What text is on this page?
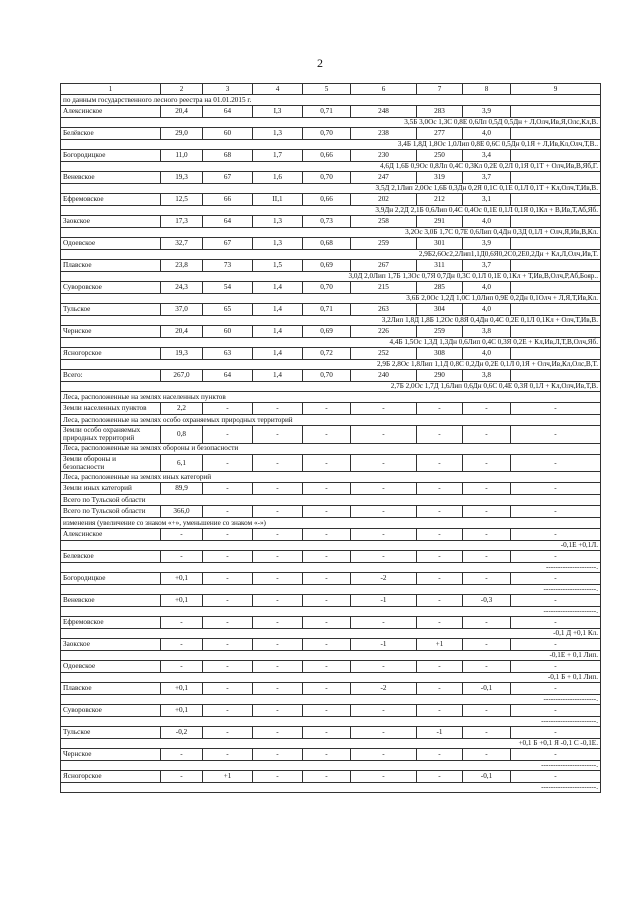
2
1	2	3	4	5	6	7	8	9
по данным государственного лесного реестра на 01.01.2015 г.								
Алексинское	20,4	64	I,3	0,71	248	283	3,9	
3,5Б 3,0Ос 1,3С 0,8Е 0,6Лп 0,5Д 0,5Дн + Л,Олч,Ив,Я,Олс,Кл,В.								
Белёвское	29,0	60	1,3	0,70	238	277	4,0	
3,4Б 1,8Д 1,8Ос 1,0Лип 0,8Е 0,6С 0,5Дн 0,1Я + Л,Ив,Кл,Олч,Т,В..								
Богородицкое	11,0	68	1,7	0,66	230	250	3,4	
4,6Д 1,6Б 0,9Ос 0,8Лп 0,4С 0,3Кл 0,2Е 0,2Л 0,1Я 0,1Т + Олч,Ив,В,Яб,Г.								
Веневское	19,3	67	1,6	0,70	247	319	3,7	
3,5Д 2,1Лип 2,0Ос 1,6Б 0,3Дн 0,2Я 0,1С 0,1Е 0,1Л 0,1Т + Кл,Олч,Т,Ив,В.								
Ефремовское	12,5	66	II,1	0,66	202	212	3,1	
3,9Дн 2,2Д 2,1Б 0,6Лип 0,4С 0,4Ос 0,1Е 0,1Л 0,1Я 0,1Кл + В,Ив,Т,Аб,Яб.								
Заокское	17,3	64	1,3	0,73	258	291	4,0	
3,2Ос 3,0Б 1,7С 0,7Е 0,6Лип 0,4Дн 0,3Д 0,1Л + Олч,Я,Ив,В,Кл.								
Одоевское	32,7	67	1,3	0,68	259	301	3,9	
2,9Б2,6Ос2,2Лип1,1Д0,6Я0,2С0,2Е0,2Дн + Кл,Л,Олч,Ив,Т.								
Плавское	23,8	73	1,5	0,69	267	311	3,7	
3,0Д 2,0Лип 1,7Б 1,3Ос 0,7Я 0,7Дн 0,3С 0,1Л 0,1Е 0,1Кл + Т,Ив,В,Олч,Р,Аб,Бояр..								
Суворовское	24,3	54	1,4	0,70	215	285	4,0	
3,6Б 2,0Ос 1,2Д 1,0С 1,0Лип 0,9Е 0,2Дн 0,1Олч + Л,Я,Т,Ив,Кл.								
Тульское	37,0	65	1,4	0,71	263	304	4,0	
3,2Лип 1,8Д 1,8Б 1,2Ос 0,8Я 0,4Дн 0,4С 0,2Е 0,1Л 0,1Кл + Олч,Т,Ив,В.								
Чернское	20,4	60	1,4	0,69	226	259	3,8	
4,4Б 1,5Ос 1,3Д 1,3Дн 0,6Лип 0,4С 0,3Я 0,2Е + Кл,Ив,Л,Т,В,Олч,Яб.								
Ясногорское	19,3	63	1,4	0,72	252	308	4,0	
2,9Б 2,8Ос 1,8Лип 1,1Д 0,8С 0,2Дн 0,2Е 0,1Л 0,1Я + Олч,Ив,Кл,Олс,В,Т.								
Всего:	267,0	64	1,4	0,70	240	290	3,8	
2,7Б 2,0Ос 1,7Д 1,6Лип 0,6Дн 0,6С 0,4Е 0,3Я 0,1Л + Кл,Олч,Ив,Т,В.								
Леса, расположенные на землях населенных пунктов								
Земли населенных пунктов	2,2	-	-	-	-	-	-	-
Леса, расположенные на землях особо охраняемых природных территорий								
Земли особо охраняемых природных территорий	0,8	-	-	-	-	-	-	-
Леса, расположенные на землях обороны и безопасности								
Земли обороны и безопасности	6,1	-	-	-	-	-	-	-
Леса, расположенные на землях иных категорий								
Земли иных категорий	89,9	-	-	-	-	-	-	-
Всего по Тульской области								
Всего по Тульской области	366,0	-	-	-	-	-	-	-
изменения (увеличение со знаком «+», уменьшение со знаком «-»)								
Алексинское	-	-	-	-	-	-	-	-
-0,1Е +0,1Л.								
Белевское	-	-	-	-	-	-	-	-
---------------------.								
Богородицкое	+0,1	-	-	-	-2	-	-	-
----------------------.								
Веневское	+0,1	-	-	-	-1	-	-0,3	-
----------------------.								
Ефремовское	-	-	-	-	-	-	-	-
-0,1 Д +0,1 Кл.								
Заокское	-	-	-	-	-1	+1	-	-
-0,1Е + 0,1 Лип.								
Одоевское	-	-	-	-	-	-	-	-
-0,1 Б + 0,1 Лип.								
Плавское	+0,1	-	-	-	-2	-	-0,1	-
----------------------.								
Суворовское	+0,1	-	-	-	-	-	-	-
-----------------------.								
Тульское	-0,2	-	-	-	-	-1	-	-
+0,1 Б +0,1 Я -0,1 С -0,1Е.								
Чернское	-	-	-	-	-	-	-	-
-----------------------.								
Ясногорское	-	+1	-	-	-	-	-0,1	-
-----------------------.								
